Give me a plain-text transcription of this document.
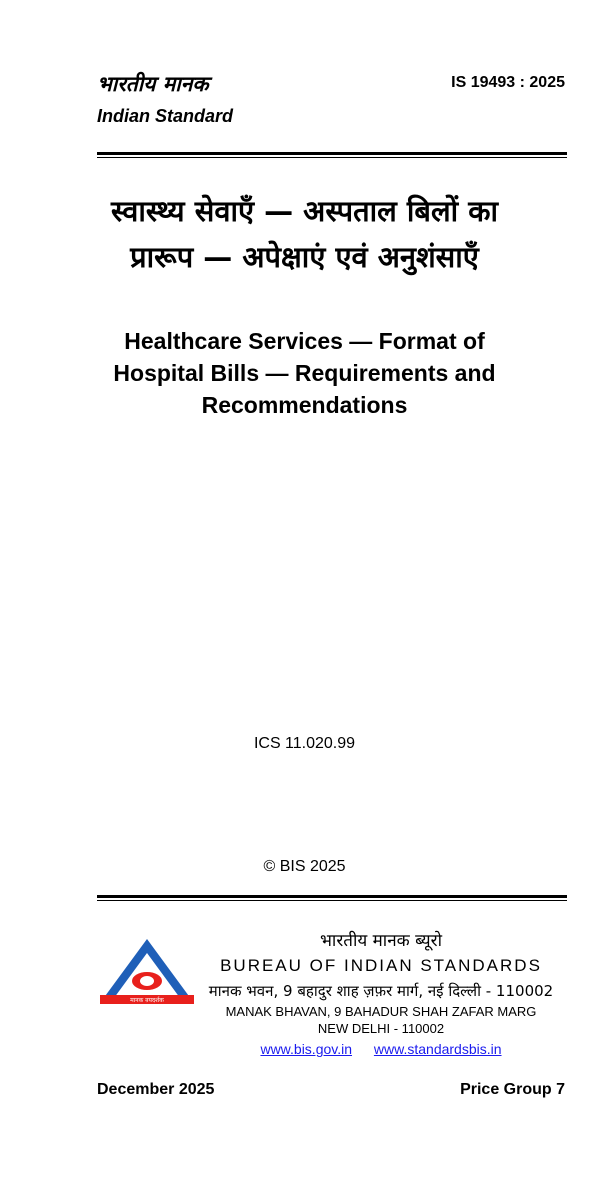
भारतीय मानक
Indian Standard
IS 19493 : 2025
स्वास्थ्य सेवाएँ — अस्पताल बिलों का
प्रारूप — अपेक्षाएं एवं अनुशंसाएँ
Healthcare Services — Format of
Hospital Bills — Requirements and
Recommendations
ICS 11.020.99
© BIS 2025
मानक ऩयदर्शक
भारतीय मानक ब्यूरो
BUREAU OF INDIAN STANDARDS
मानक भवन, 9 बहादुर शाह ज़फ़र मार्ग, नई दिल्ली - 110002
MANAK BHAVAN, 9 BAHADUR SHAH ZAFAR MARG
NEW DELHI - 110002
www.bis.gov.in www.standardsbis.in
December 2025	Price Group 7
